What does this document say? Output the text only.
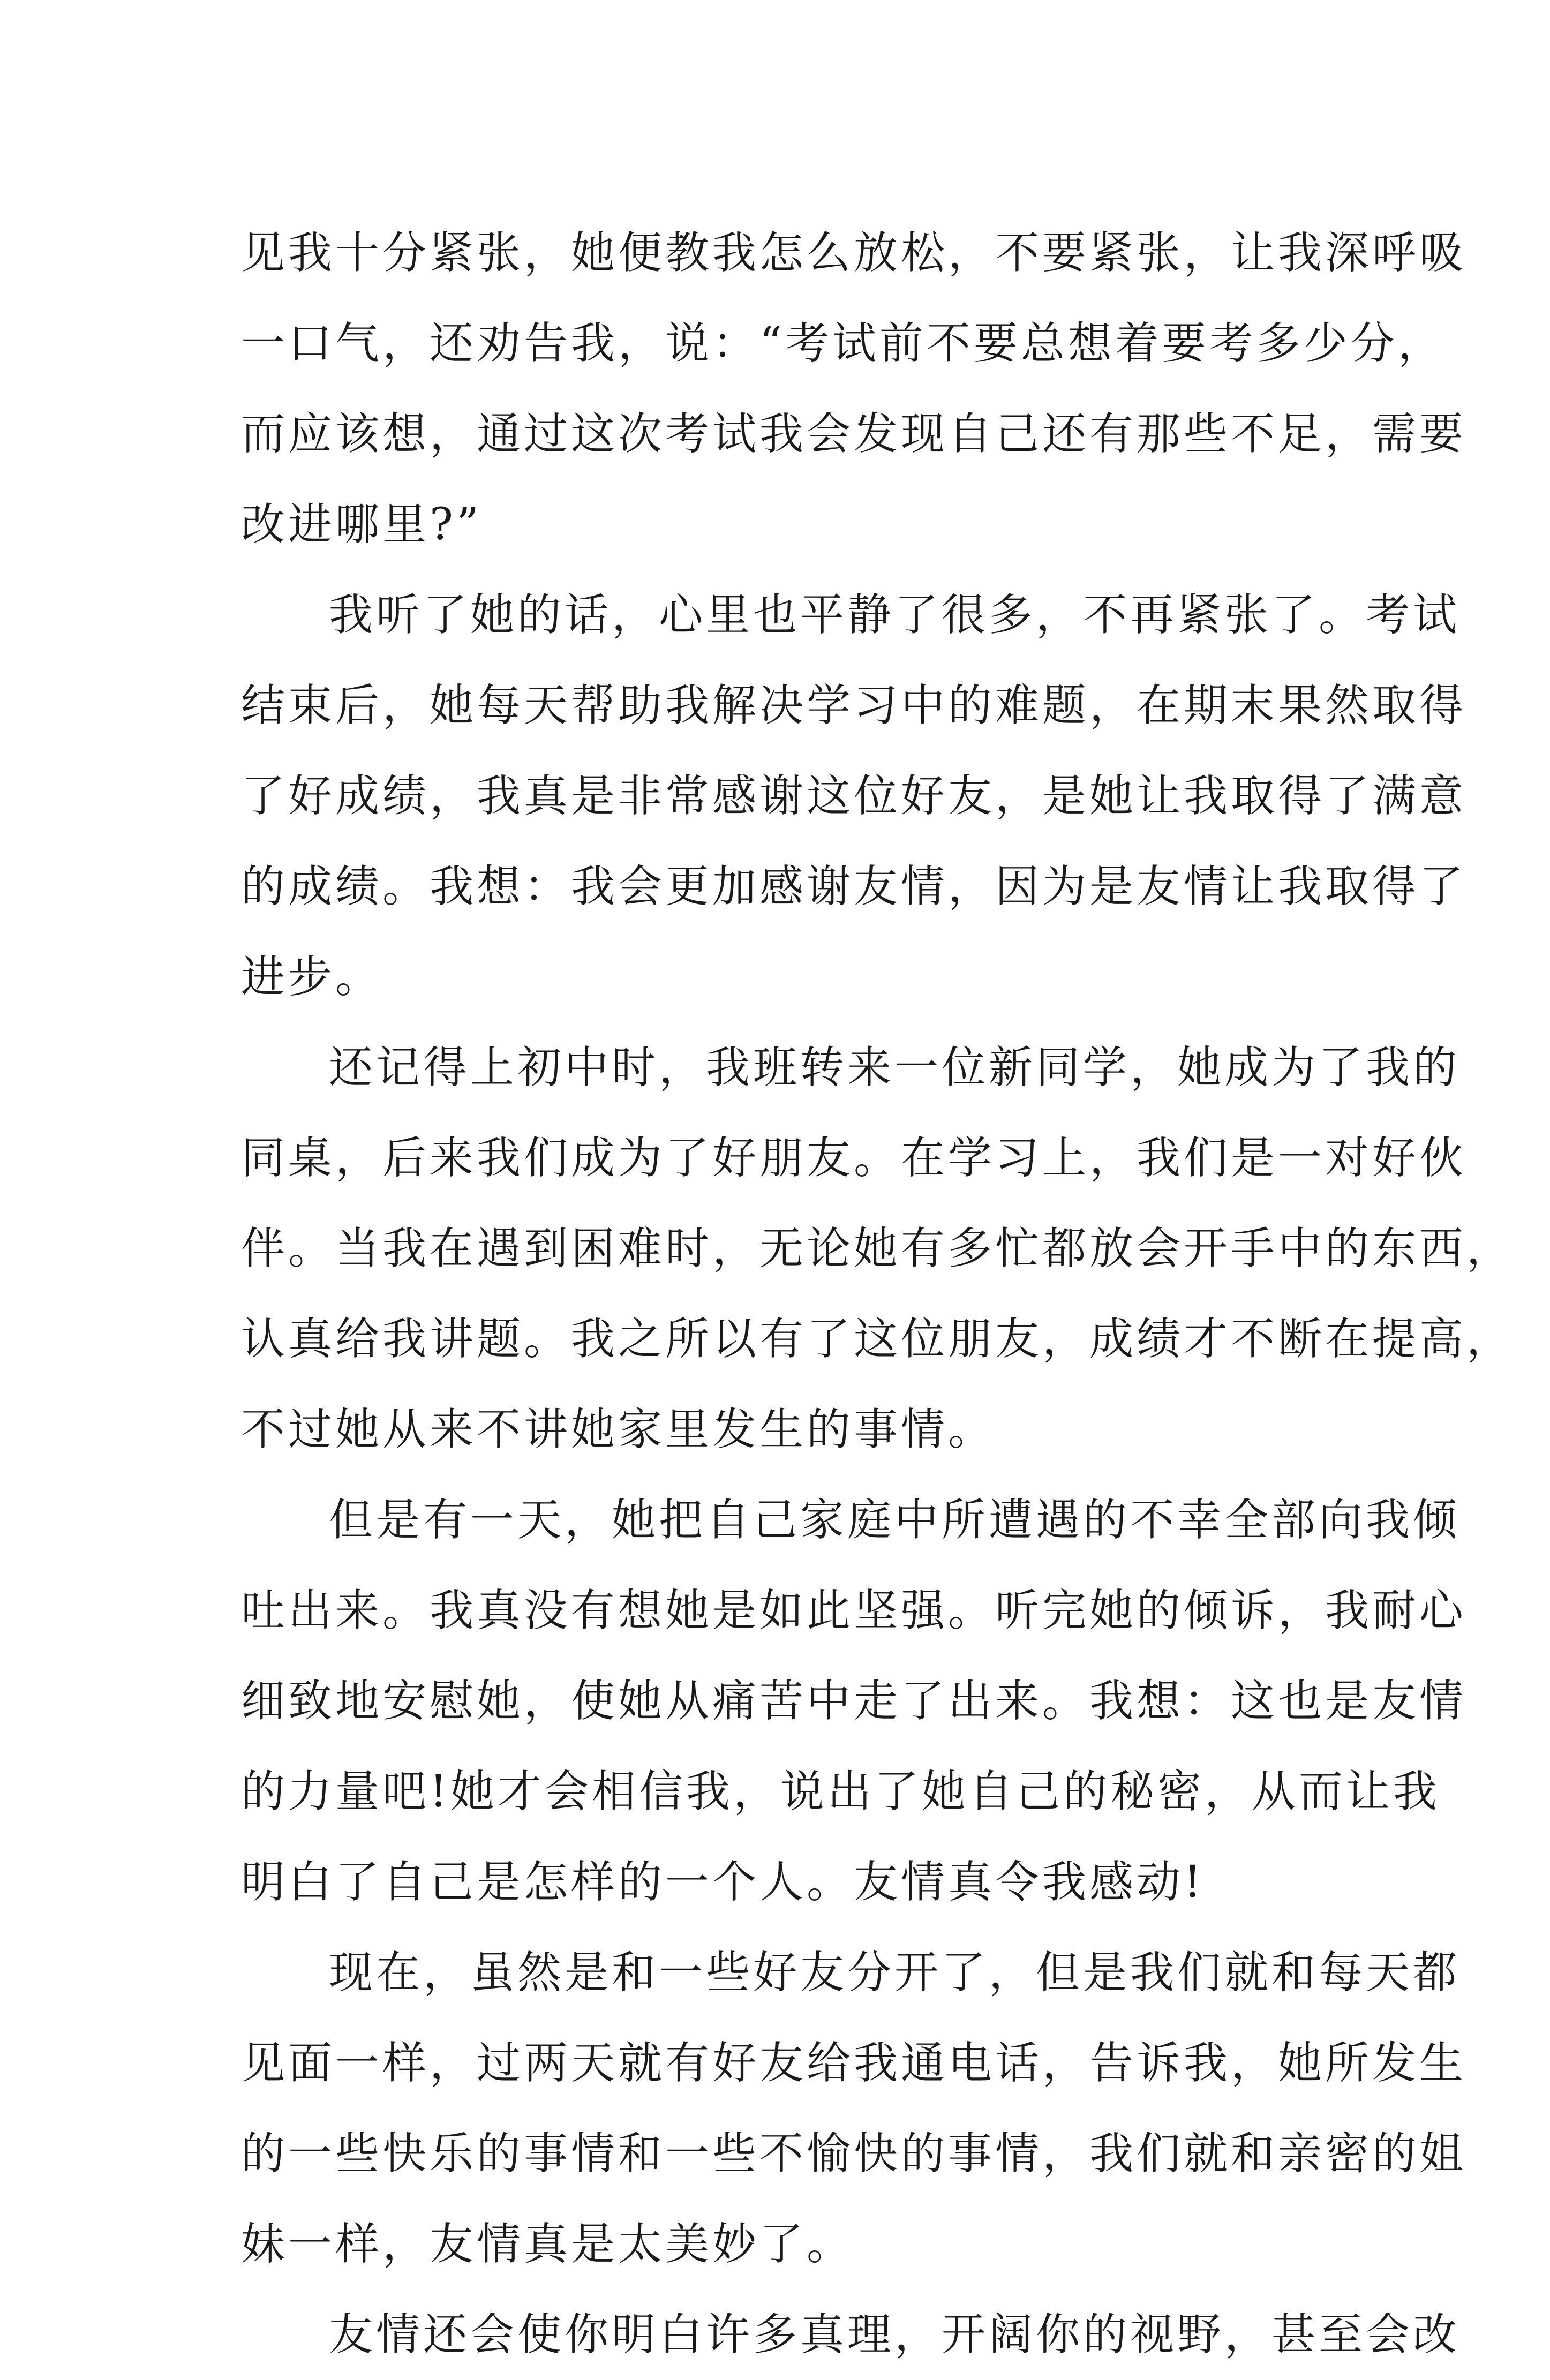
见我十分紧张，她便教我怎么放松，不要紧张，让我深呼吸
一口气，还劝告我，说：“考试前不要总想着要考多少分，
而应该想，通过这次考试我会发现自己还有那些不足，需要
改进哪里?”
我听了她的话，心里也平静了很多，不再紧张了。考试
结束后，她每天帮助我解决学习中的难题，在期末果然取得
了好成绩，我真是非常感谢这位好友，是她让我取得了满意
的成绩。我想：我会更加感谢友情，因为是友情让我取得了
进步。
还记得上初中时，我班转来一位新同学，她成为了我的
同桌，后来我们成为了好朋友。在学习上，我们是一对好伙
伴。当我在遇到困难时，无论她有多忙都放会开手中的东西，
认真给我讲题。我之所以有了这位朋友，成绩才不断在提高，
不过她从来不讲她家里发生的事情。
但是有一天，她把自己家庭中所遭遇的不幸全部向我倾
吐出来。我真没有想她是如此坚强。听完她的倾诉，我耐心
细致地安慰她，使她从痛苦中走了出来。我想：这也是友情
的力量吧!她才会相信我，说出了她自己的秘密，从而让我
明白了自己是怎样的一个人。友情真令我感动!
现在，虽然是和一些好友分开了，但是我们就和每天都
见面一样，过两天就有好友给我通电话，告诉我，她所发生
的一些快乐的事情和一些不愉快的事情，我们就和亲密的姐
妹一样，友情真是太美妙了。
友情还会使你明白许多真理，开阔你的视野，甚至会改
